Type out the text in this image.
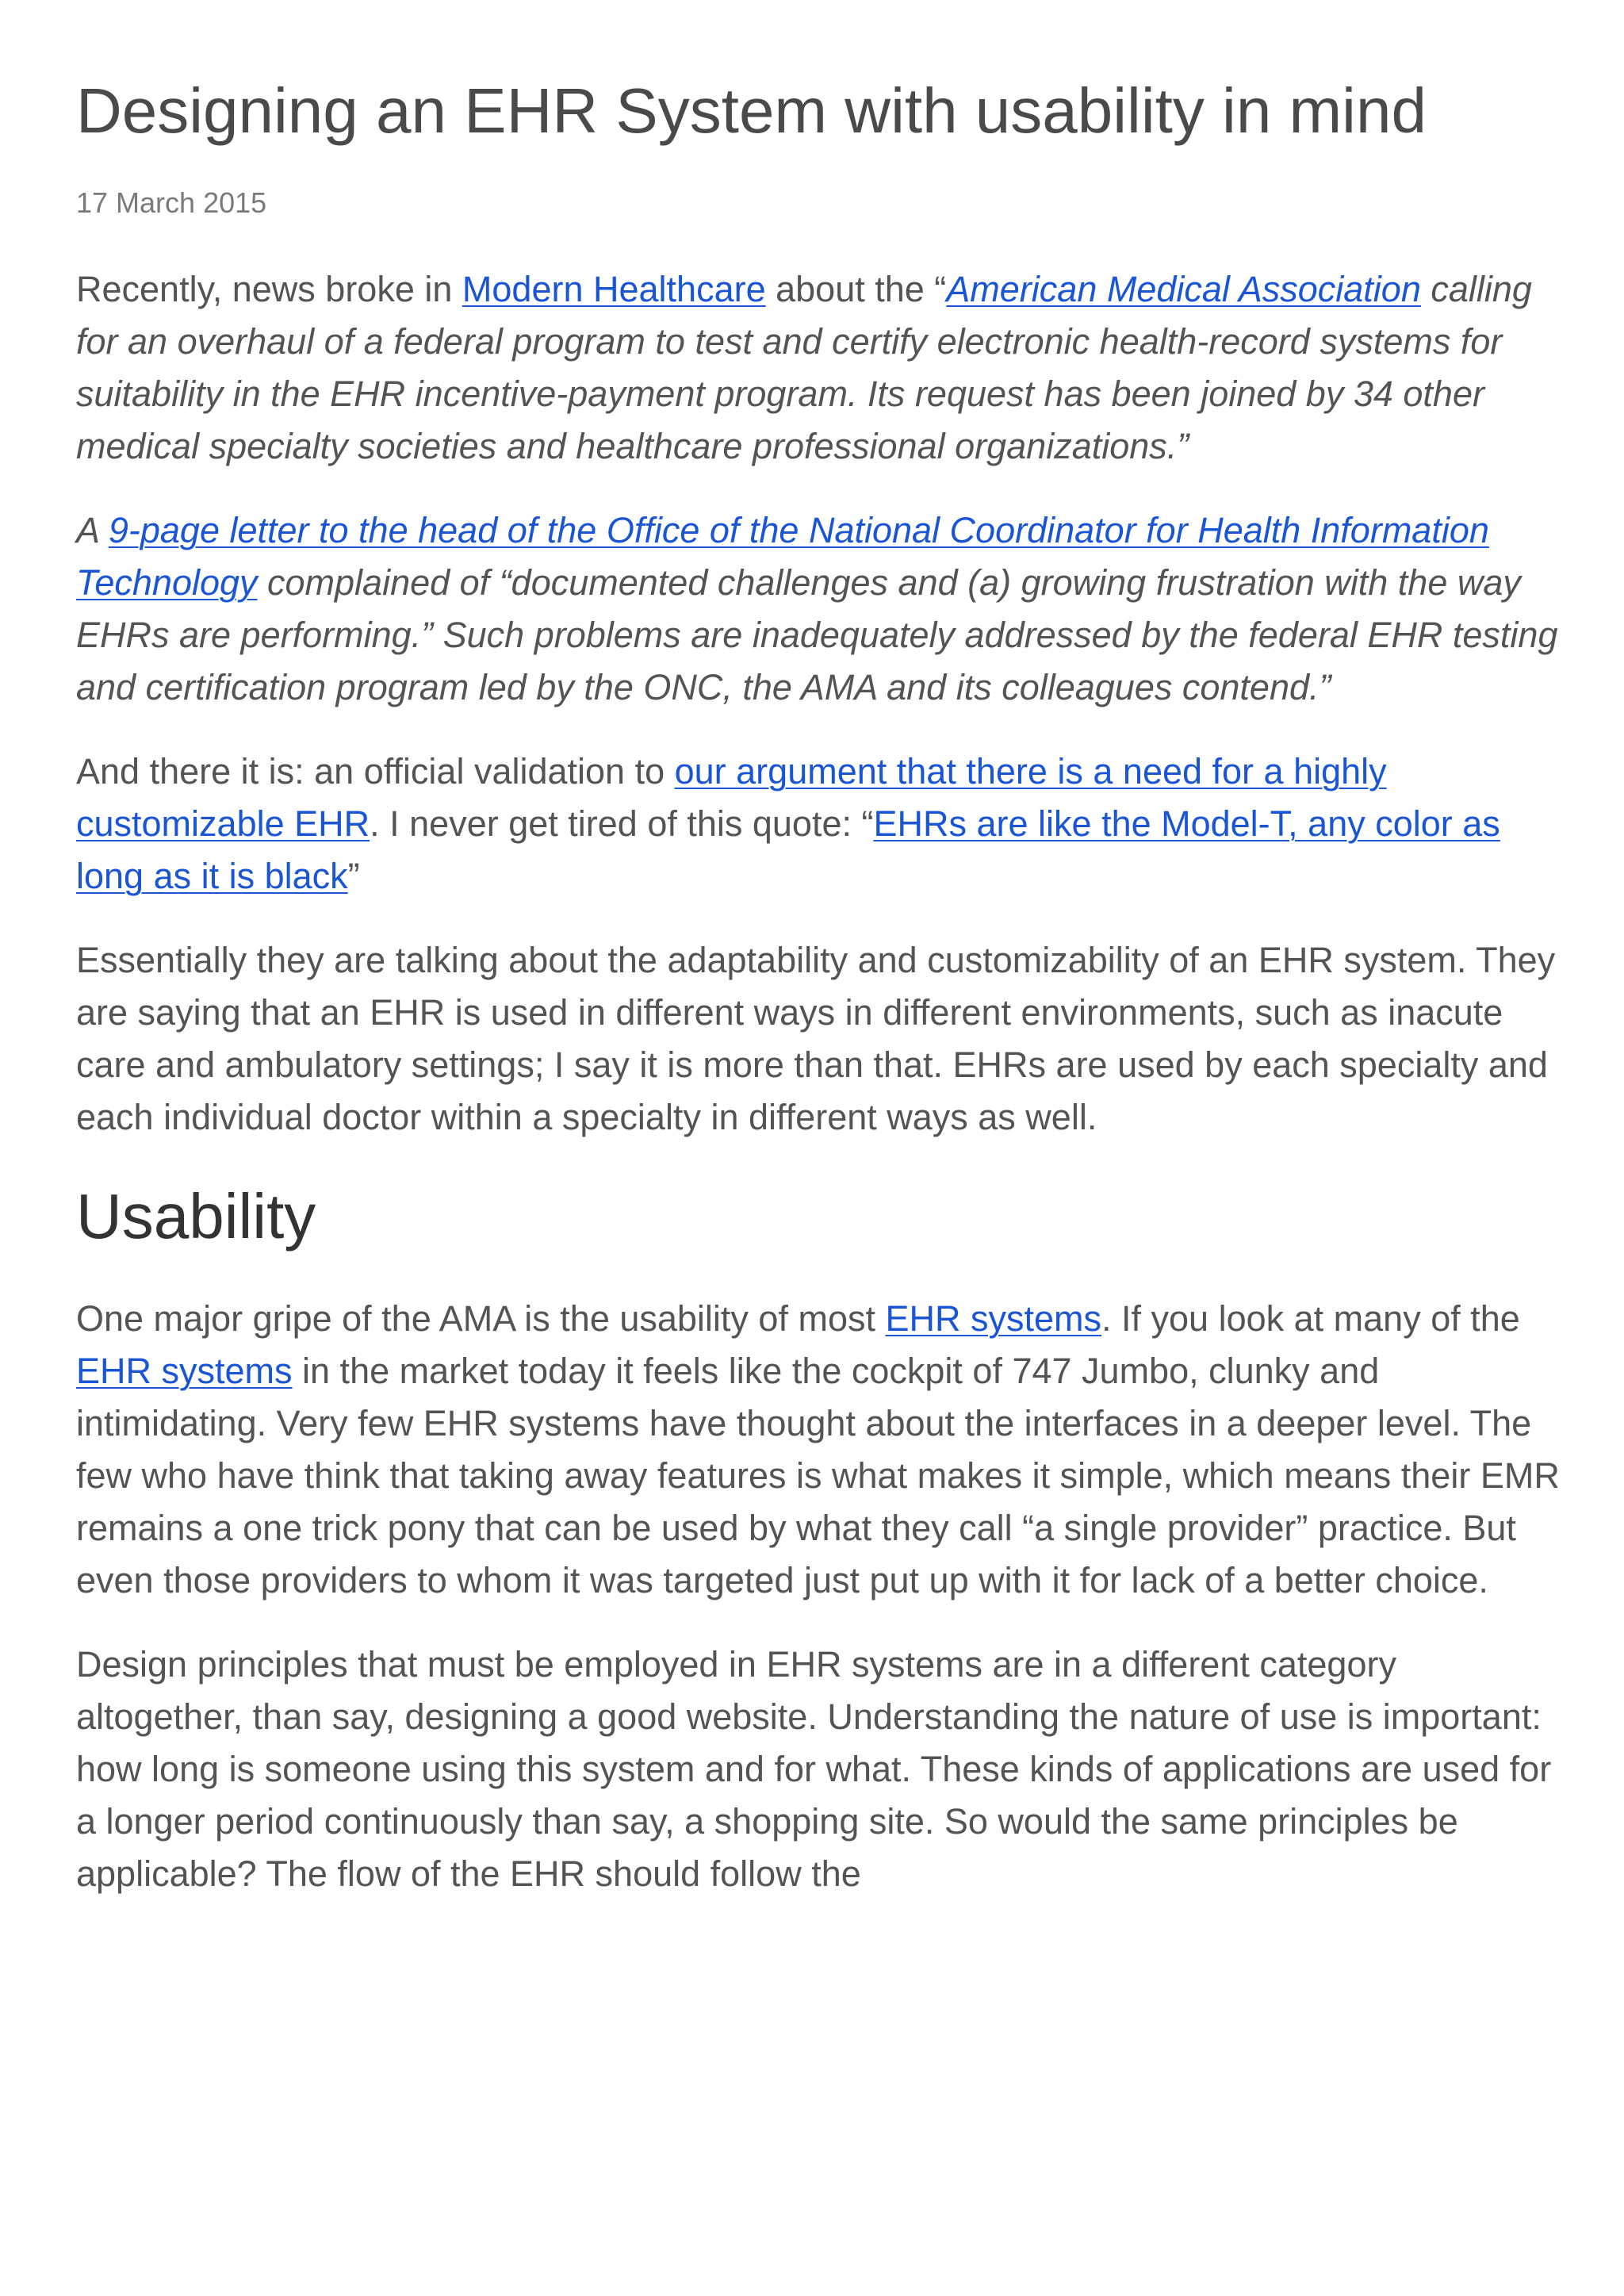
Designing an EHR System with usability in mind
17 March 2015

Recently, news broke in Modern Healthcare about the “American Medical Association calling for an overhaul of a federal program to test and certify electronic health-record systems for suitability in the EHR incentive-payment program. Its request has been joined by 34 other medical specialty societies and healthcare professional organizations.”

A 9-page letter to the head of the Office of the National Coordinator for Health Information Technology complained of “documented challenges and (a) growing frustration with the way EHRs are performing.” Such problems are inadequately addressed by the federal EHR testing and certification program led by the ONC, the AMA and its colleagues contend.”

And there it is: an official validation to our argument that there is a need for a highly customizable EHR. I never get tired of this quote: “EHRs are like the Model-T, any color as long as it is black”

Essentially they are talking about the adaptability and customizability of an EHR system. They are saying that an EHR is used in different ways in different environments, such as inacute care and ambulatory settings; I say it is more than that. EHRs are used by each specialty and each individual doctor within a specialty in different ways as well.

Usability

One major gripe of the AMA is the usability of most EHR systems. If you look at many of the EHR systems in the market today it feels like the cockpit of 747 Jumbo, clunky and intimidating. Very few EHR systems have thought about the interfaces in a deeper level. The few who have think that taking away features is what makes it simple, which means their EMR remains a one trick pony that can be used by what they call “a single provider” practice. But even those providers to whom it was targeted just put up with it for lack of a better choice.

Design principles that must be employed in EHR systems are in a different category altogether, than say, designing a good website. Understanding the nature of use is important: how long is someone using this system and for what. These kinds of applications are used for a longer period continuously than say, a shopping site. So would the same principles be applicable? The flow of the EHR should follow the
